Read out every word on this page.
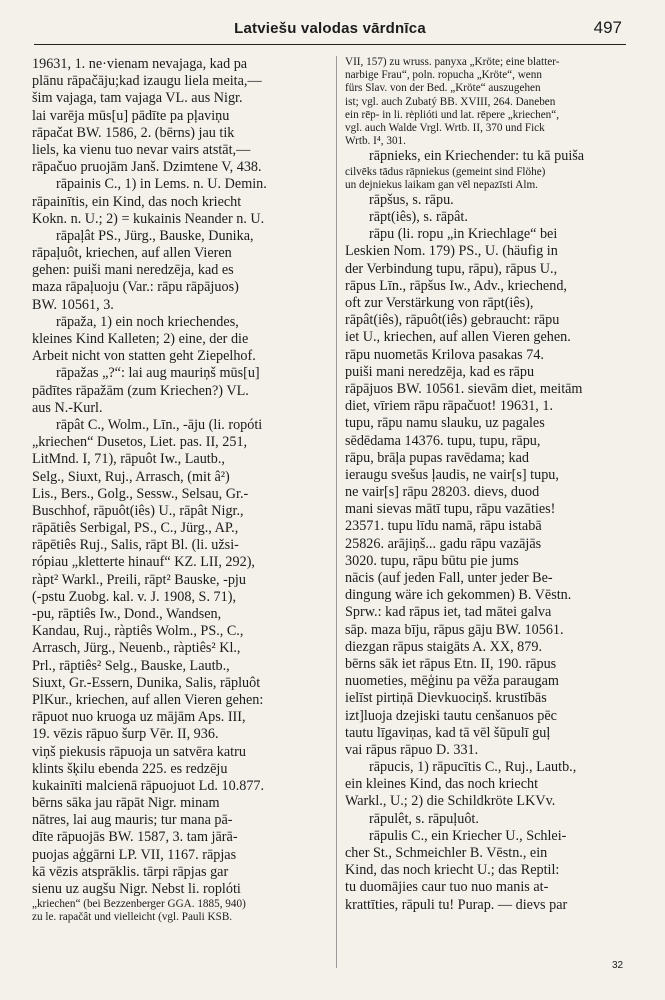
Latviešu valodas vārdnīca	497
19631, 1. ne·vienam nevajaga, kad pa
plānu rāpačāju;kad izaugu liela meita,—
šim vajaga, tam vajaga VL. aus Nigr.
lai varēja mūs[u] pādīte pa pļaviņu
rāpačat BW. 1586, 2. (bērns) jau tik
liels, ka vienu tuo nevar vairs atstāt,—
rāpačuo pruojām Janš. Dzimtene V, 438.
rāpainis C., 1) in Lems. n. U. Demin.
rāpainītis, ein Kind, das noch kriecht
Kokn. n. U.; 2) = kukainis Neander n. U.
rāpaļât PS., Jürg., Bauske, Dunika,
rāpaļuôt, kriechen, auf allen Vieren
gehen: puiši mani neredzēja, kad es
maza rāpaļuoju (Var.: rāpu rāpājuos)
BW. 10561, 3.
rāpaža, 1) ein noch kriechendes,
kleines Kind Kalleten; 2) eine, der die
Arbeit nicht von statten geht Ziepelhof.
rāpažas „?“: lai aug mauriņš mūs[u]
pādītes rāpažām (zum Kriechen?) VL.
aus N.-Kurl.
rāpât C., Wolm., Līn., -āju (li. ropóti
„kriechen“ Dusetos, Liet. pas. II, 251,
LitMnd. I, 71), rāpuôt Iw., Lautb.,
Selg., Siuxt, Ruj., Arrasch, (mit â²)
Lis., Bers., Golg., Sessw., Selsau, Gr.-
Buschhof, rāpuôt(iês) U., rāpât Nigr.,
rāpātiês Serbigal, PS., C., Jürg., AP.,
rāpētiês Ruj., Salis, rāpt Bl. (li. užsi-
rópiau „kletterte hinauf“ KZ. LII, 292),
ràpt² Warkl., Preili, rāpt² Bauske, -pju
(-pstu Zuobg. kal. v. J. 1908, S. 71),
-pu, rāptiês Iw., Dond., Wandsen,
Kandau, Ruj., ràptiês Wolm., PS., C.,
Arrasch, Jürg., Neuenb., ràptiês² Kl.,
Prl., rāptiês² Selg., Bauske, Lautb.,
Siuxt, Gr.-Essern, Dunika, Salis, rāpluôt
PlKur., kriechen, auf allen Vieren gehen:
rāpuot nuo kruoga uz mājām Aps. III,
19. vēzis rāpuo šurp Vēr. II, 936.
viņš piekusis rāpuoja un satvēra katru
klints šķilu ebenda 225. es redzēju
kukainīti malcienā rāpuojuot Ld. 10.877.
bērns sāka jau rāpāt Nigr. minam
nātres, lai aug mauris; tur mana pā-
dīte rāpuojās BW. 1587, 3. tam jārā-
puojas aģgārni LP. VII, 1167. rāpjas
kā vēzis atsprāklis. tārpi rāpjas gar
sienu uz augšu Nigr. Nebst li. roplóti
„kriechen“ (bei Bezzenberger GGA. 1885, 940)
zu le. rapačât und vielleicht (vgl. Pauli KSB.
VII, 157) zu wruss. panyxa „Kröte; eine blatter-
narbige Frau“, poln. ropucha „Kröte“, wenn
fürs Slav. von der Bed. „Kröte“ auszugehen
ist; vgl. auch Zubatý BB. XVIII, 264. Daneben
ein rēp- in li. rėplióti und lat. rēpere „kriechen“,
vgl. auch Walde Vrgl. Wrtb. II, 370 und Fick
Wrtb. I⁴, 301.
rāpnieks, ein Kriechender: tu kā puiša
cilvēks tādus rāpniekus (gemeint sind Flöhe)
un dejniekus laikam gan vēl nepazīsti Alm.
rāpšus, s. rāpu.
rāpt(iês), s. rāpât.
rāpu (li. ropu „in Kriechlage“ bei
Leskien Nom. 179) PS., U. (häufig in
der Verbindung tupu, rāpu), rāpus U.,
rāpus Līn., rāpšus Iw., Adv., kriechend,
oft zur Verstärkung von rāpt(iês),
rāpât(iês), rāpuôt(iês) gebraucht: rāpu
iet U., kriechen, auf allen Vieren gehen.
rāpu nuometās Krilova pasakas 74.
puiši mani neredzēja, kad es rāpu
rāpājuos BW. 10561. sievām diet, meitām
diet, vīriem rāpu rāpačuot! 19631, 1.
tupu, rāpu namu slauku, uz pagales
sēdēdama 14376. tupu, tupu, rāpu,
rāpu, brāļa pupas ravēdama; kad
ieraugu svešus ļaudis, ne vair[s] tupu,
ne vair[s] rāpu 28203. dievs, duod
mani sievas mātī tupu, rāpu vazāties!
23571. tupu līdu namā, rāpu istabā
25826. arājiņš... gadu rāpu vazājās
3020. tupu, rāpu būtu pie jums
nācis (auf jeden Fall, unter jeder Be-
dingung wäre ich gekommen) B. Vēstn.
Sprw.: kad rāpus iet, tad mātei galva
sāp. maza bīju, rāpus gāju BW. 10561.
diezgan rāpus staigāts A. XX, 879.
bērns sāk iet rāpus Etn. II, 190. rāpus
nuometies, mēģinu pa vēža paraugam
ielīst pirtiņā Dievkuociņš. krustībās
izt]luoja dzejiski tautu cenšanuos pēc
tautu līgaviņas, kad tā vēl šūpulī guļ
vai rāpus rāpuo D. 331.
rāpucis, 1) rāpucītis C., Ruj., Lautb.,
ein kleines Kind, das noch kriecht
Warkl., U.; 2) die Schildkröte LKVv.
rāpulêt, s. rāpuļuôt.
rāpulis C., ein Kriecher U., Schlei-
cher St., Schmeichler B. Vēstn., ein
Kind, das noch kriecht U.; das Reptil:
tu duomājies caur tuo nuo manis at-
krattīties, rāpuli tu! Purap. — dievs par
32
